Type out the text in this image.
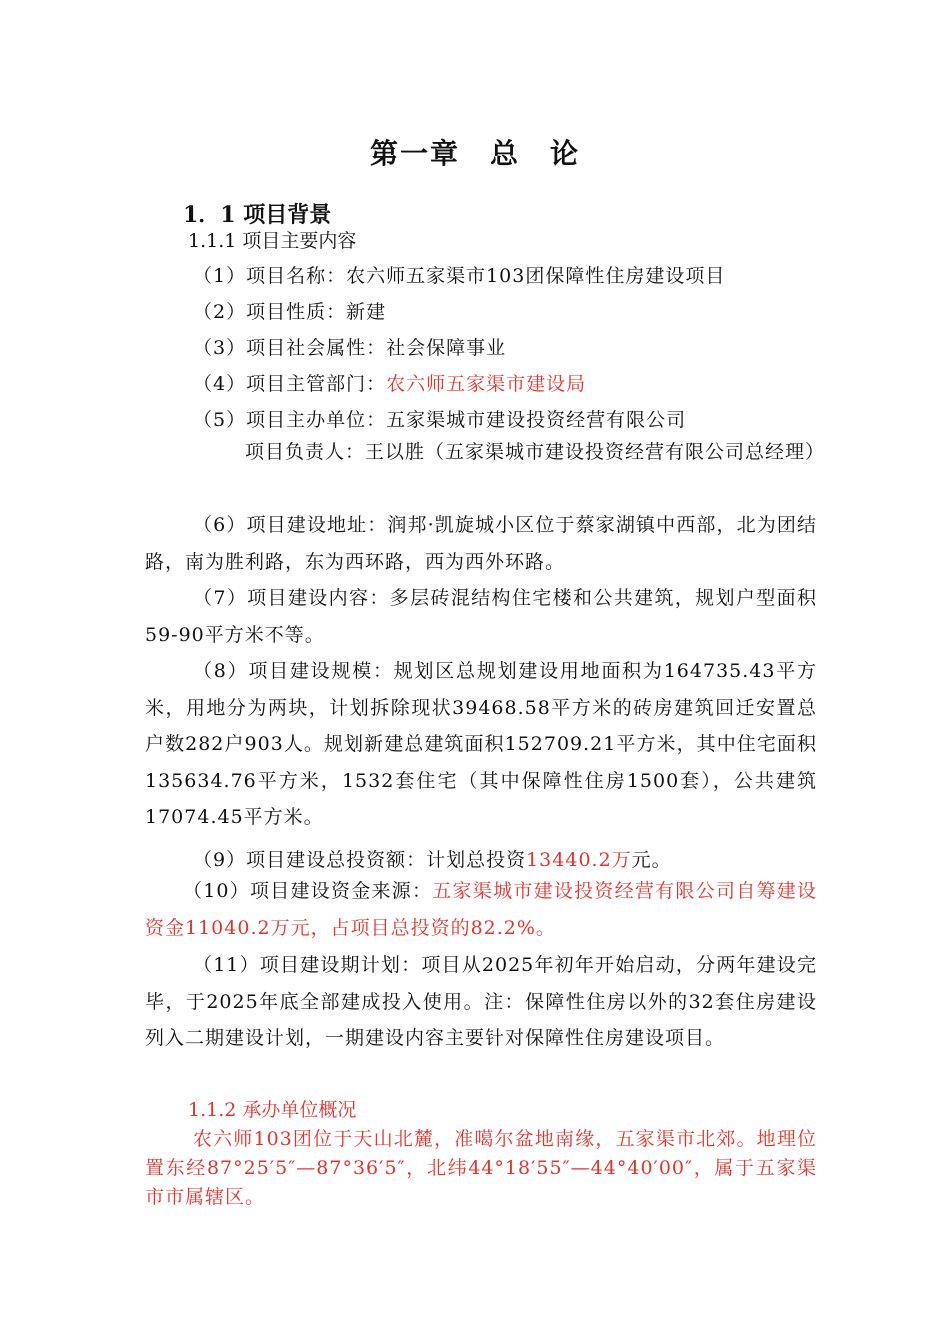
第一章　总　论
1．1 项目背景
1.1.1 项目主要内容
（1）项目名称：农六师五家渠市103团保障性住房建设项目
（2）项目性质：新建
（3）项目社会属性：社会保障事业
（4）项目主管部门：农六师五家渠市建设局
（5）项目主办单位：五家渠城市建设投资经营有限公司
项目负责人：王以胜（五家渠城市建设投资经营有限公司总经理）
（6）项目建设地址：润邦·凯旋城小区位于蔡家湖镇中西部，北为团结路，南为胜利路，东为西环路，西为西外环路。
（7）项目建设内容：多层砖混结构住宅楼和公共建筑，规划户型面积59-90平方米不等。
（8）项目建设规模：规划区总规划建设用地面积为164735.43平方米，用地分为两块，计划拆除现状39468.58平方米的砖房建筑回迁安置总户数282户903人。规划新建总建筑面积152709.21平方米，其中住宅面积135634.76平方米，1532套住宅（其中保障性住房1500套），公共建筑17074.45平方米。
（9）项目建设总投资额：计划总投资13440.2万元。
（10）项目建设资金来源：五家渠城市建设投资经营有限公司自筹建设资金11040.2万元，占项目总投资的82.2%。
（11）项目建设期计划：项目从2025年初年开始启动，分两年建设完毕，于2025年底全部建成投入使用。注：保障性住房以外的32套住房建设列入二期建设计划，一期建设内容主要针对保障性住房建设项目。
1.1.2 承办单位概况
农六师103团位于天山北麓，准噶尔盆地南缘，五家渠市北郊。地理位置东经87°25′5″—87°36′5″，北纬44°18′55″—44°40′00″，属于五家渠市市属辖区。
